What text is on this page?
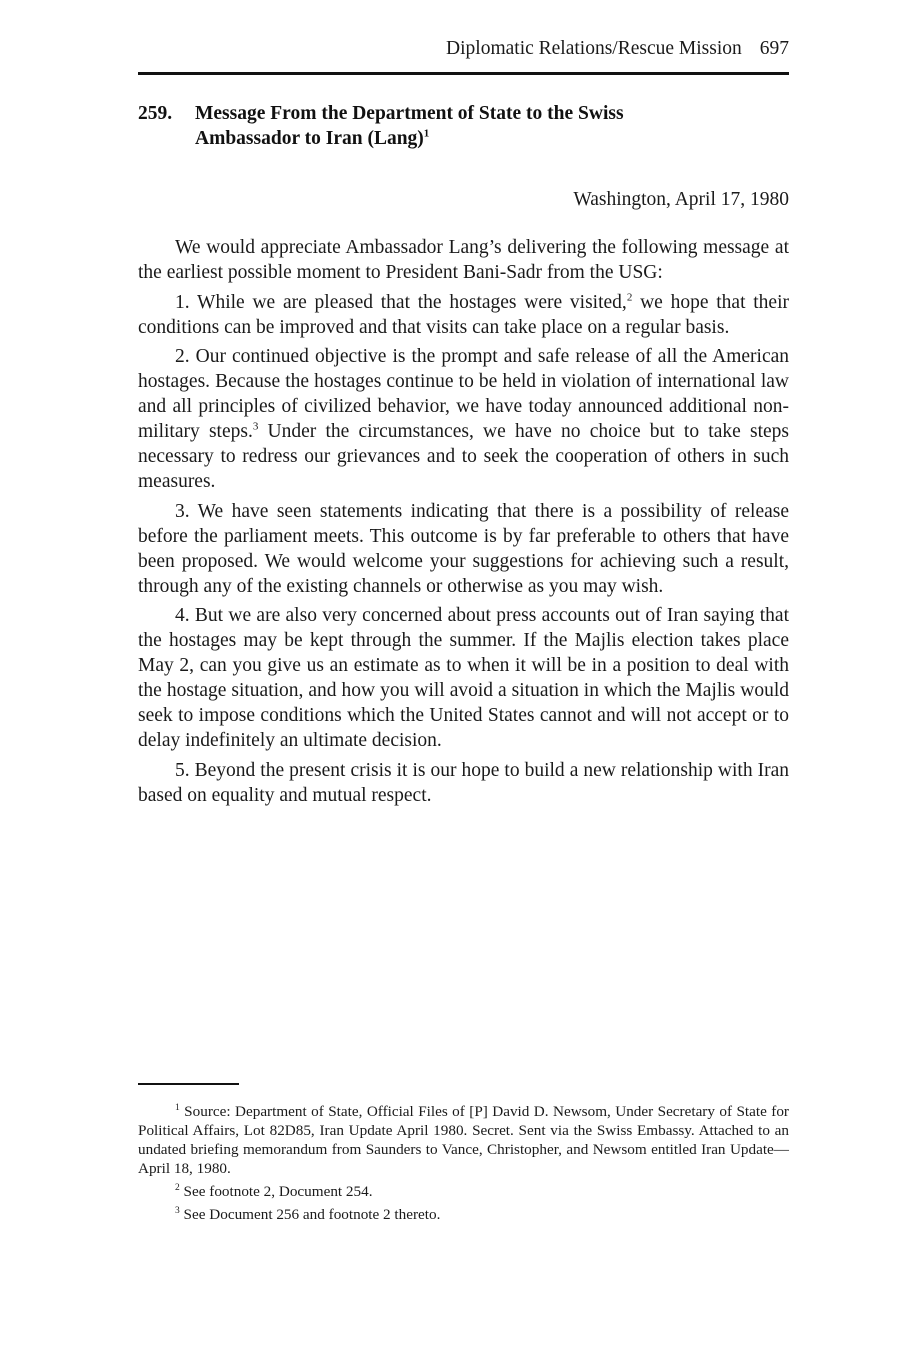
Diplomatic Relations/Rescue Mission 697
259. Message From the Department of State to the Swiss Ambassador to Iran (Lang)$^1$
Washington, April 17, 1980

We would appreciate Ambassador Lang’s delivering the following message at the earliest possible moment to President Bani-Sadr from the USG:

1. While we are pleased that the hostages were visited,$^2$ we hope that their conditions can be improved and that visits can take place on a regular basis.

2. Our continued objective is the prompt and safe release of all the American hostages. Because the hostages continue to be held in violation of international law and all principles of civilized behavior, we have today announced additional non-military steps.$^3$ Under the circumstances, we have no choice but to take steps necessary to redress our grievances and to seek the cooperation of others in such measures.

3. We have seen statements indicating that there is a possibility of release before the parliament meets. This outcome is by far preferable to others that have been proposed. We would welcome your suggestions for achieving such a result, through any of the existing channels or otherwise as you may wish.

4. But we are also very concerned about press accounts out of Iran saying that the hostages may be kept through the summer. If the Majlis election takes place May 2, can you give us an estimate as to when it will be in a position to deal with the hostage situation, and how you will avoid a situation in which the Majlis would seek to impose conditions which the United States cannot and will not accept or to delay indefinitely an ultimate decision.

5. Beyond the present crisis it is our hope to build a new relationship with Iran based on equality and mutual respect.

$^1$ Source: Department of State, Official Files of [P] David D. Newsom, Under Secretary of State for Political Affairs, Lot 82D85, Iran Update April 1980. Secret. Sent via the Swiss Embassy. Attached to an undated briefing memorandum from Saunders to Vance, Christopher, and Newsom entitled Iran Update—April 18, 1980.

$^2$ See footnote 2, Document 254.

$^3$ See Document 256 and footnote 2 thereto.
